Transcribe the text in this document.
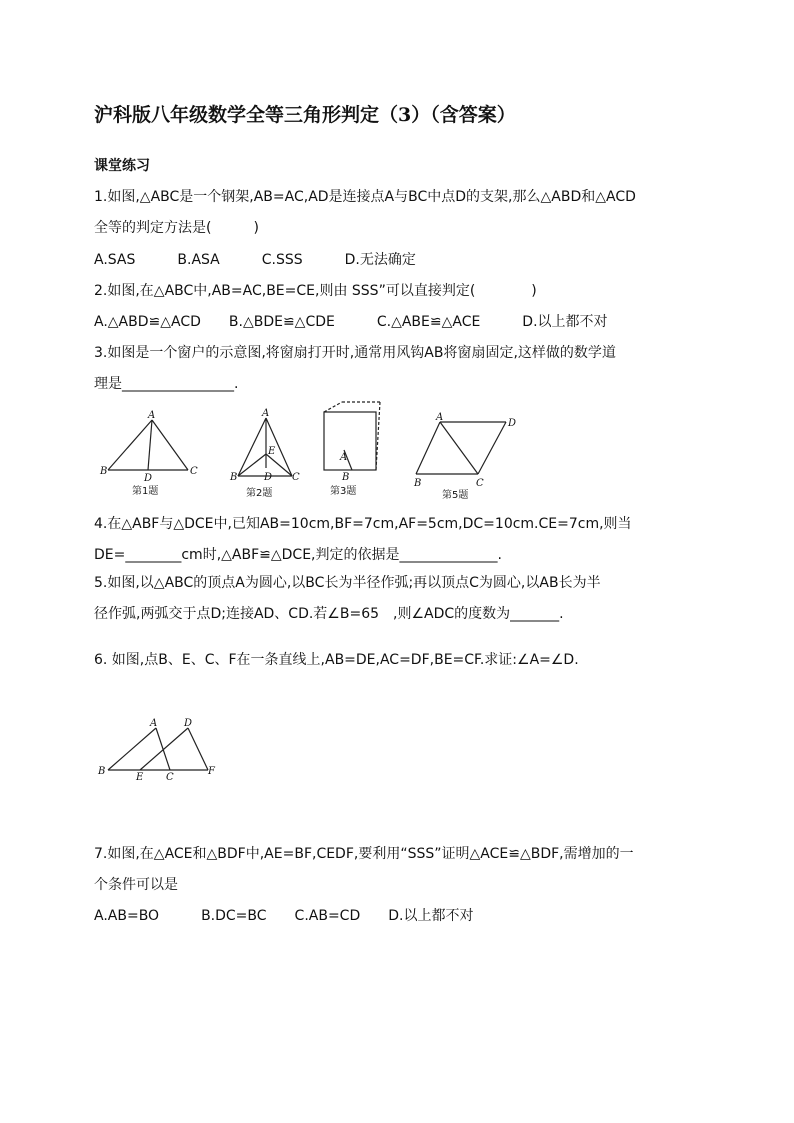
沪科版八年级数学全等三角形判定（3）（含答案）
课堂练习
1.如图,△ABC是一个钢架,AB=AC,AD是连接点A与BC中点D的支架,那么△ABD和△ACD
全等的判定方法是(　　　)
A.SAS　　　B.ASA　　　C.SSS　　　D.无法确定
2.如图,在△ABC中,AB=AC,BE=CE,则由 SSS”可以直接判定(　　　　)
A.△ABD≌△ACD　　B.△BDE≌△CDE　　　C.△ABE≌△ACE　　　D.以上都不对
3.如图是一个窗户的示意图,将窗扇打开时,通常用风钩AB将窗扇固定,这样做的数学道
理是________________.
A
B
D
C
第1题
A
E
D
B	C
第2题
A
B
第3题
A
D
B	C
第5题
4.在△ABF与△DCE中,已知AB=10cm,BF=7cm,AF=5cm,DC=10cm.CE=7cm,则当
DE=________cm时,△ABF≌△DCE,判定的依据是______________.
5.如图,以△ABC的顶点A为圆心,以BC长为半径作弧;再以顶点C为圆心,以AB长为半
径作弧,两弧交于点D;连接AD、CD.若∠B=65　,则∠ADC的度数为_______.
6. 如图,点B、E、C、F在一条直线上,AB=DE,AC=DF,BE=CF.求证:∠A=∠D.
A	D
B
E C
F
7.如图,在△ACE和△BDF中,AE=BF,CEDF,要利用“SSS”证明△ACE≌△BDF,需增加的一
个条件可以是
A.AB=BO　　　B.DC=BC　　C.AB=CD　　D.以上都不对
